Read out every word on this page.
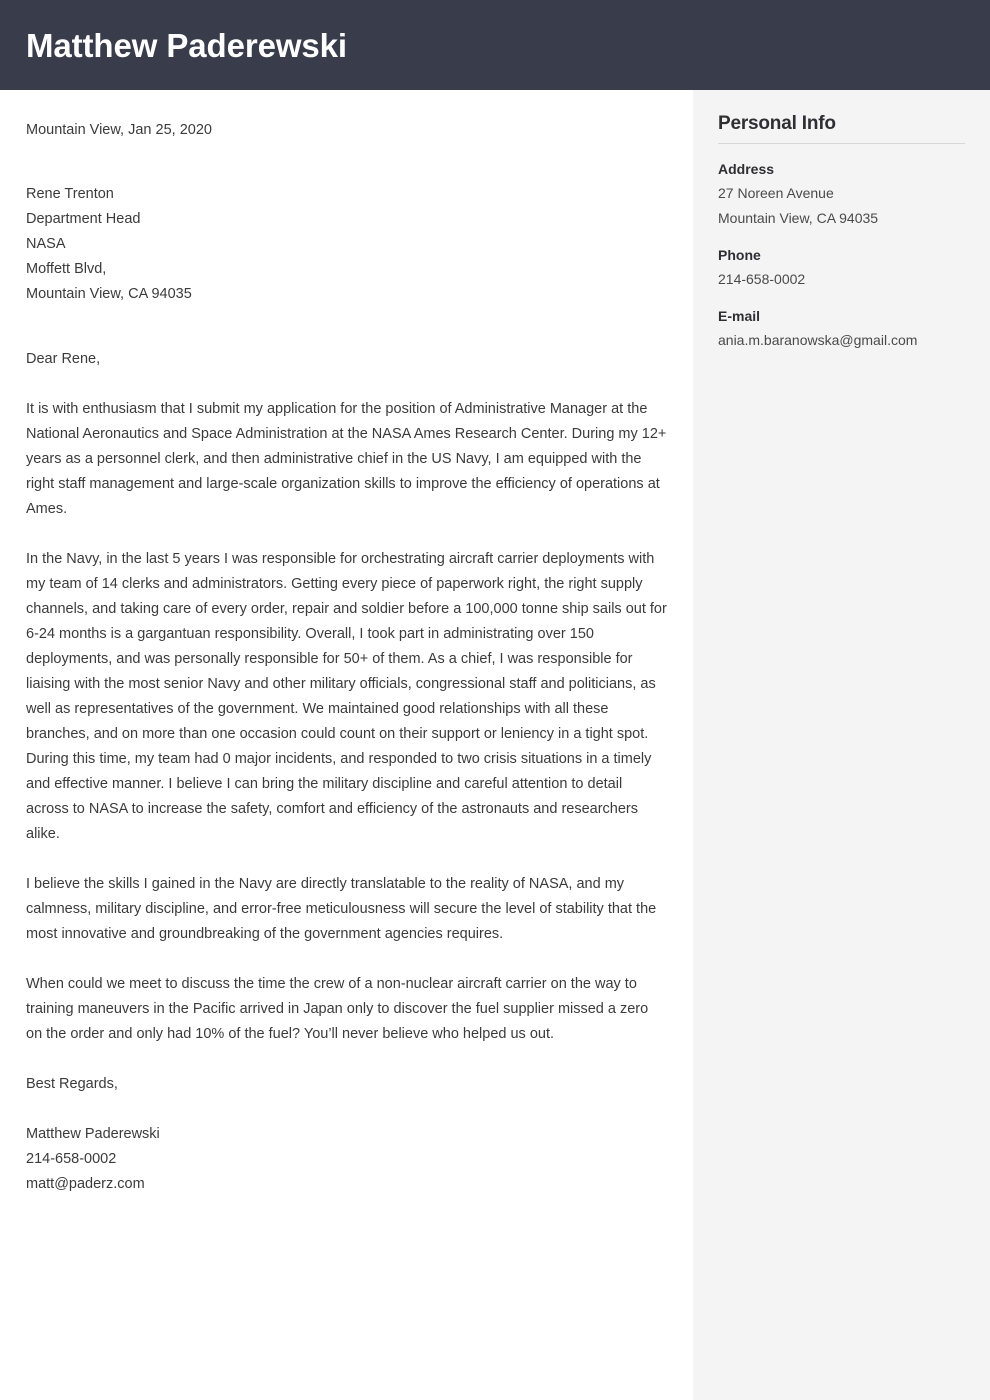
Matthew Paderewski
Mountain View, Jan 25, 2020
Rene Trenton
Department Head
NASA
Moffett Blvd,
Mountain View, CA 94035
Dear Rene,

It is with enthusiasm that I submit my application for the position of Administrative Manager at the National Aeronautics and Space Administration at the NASA Ames Research Center. During my 12+ years as a personnel clerk, and then administrative chief in the US Navy, I am equipped with the right staff management and large-scale organization skills to improve the efficiency of operations at Ames.

In the Navy, in the last 5 years I was responsible for orchestrating aircraft carrier deployments with my team of 14 clerks and administrators. Getting every piece of paperwork right, the right supply channels, and taking care of every order, repair and soldier before a 100,000 tonne ship sails out for 6-24 months is a gargantuan responsibility. Overall, I took part in administrating over 150 deployments, and was personally responsible for 50+ of them. As a chief, I was responsible for liaising with the most senior Navy and other military officials, congressional staff and politicians, as well as representatives of the government. We maintained good relationships with all these branches, and on more than one occasion could count on their support or leniency in a tight spot. During this time, my team had 0 major incidents, and responded to two crisis situations in a timely and effective manner. I believe I can bring the military discipline and careful attention to detail across to NASA to increase the safety, comfort and efficiency of the astronauts and researchers alike.

I believe the skills I gained in the Navy are directly translatable to the reality of NASA, and my calmness, military discipline, and error-free meticulousness will secure the level of stability that the most innovative and groundbreaking of the government agencies requires.

When could we meet to discuss the time the crew of a non-nuclear aircraft carrier on the way to training maneuvers in the Pacific arrived in Japan only to discover the fuel supplier missed a zero on the order and only had 10% of the fuel? You’ll never believe who helped us out.

Best Regards,
Matthew Paderewski
214-658-0002
matt@paderz.com
Personal Info
Address
27 Noreen Avenue
Mountain View, CA 94035
Phone
214-658-0002
E-mail
ania.m.baranowska@gmail.com
